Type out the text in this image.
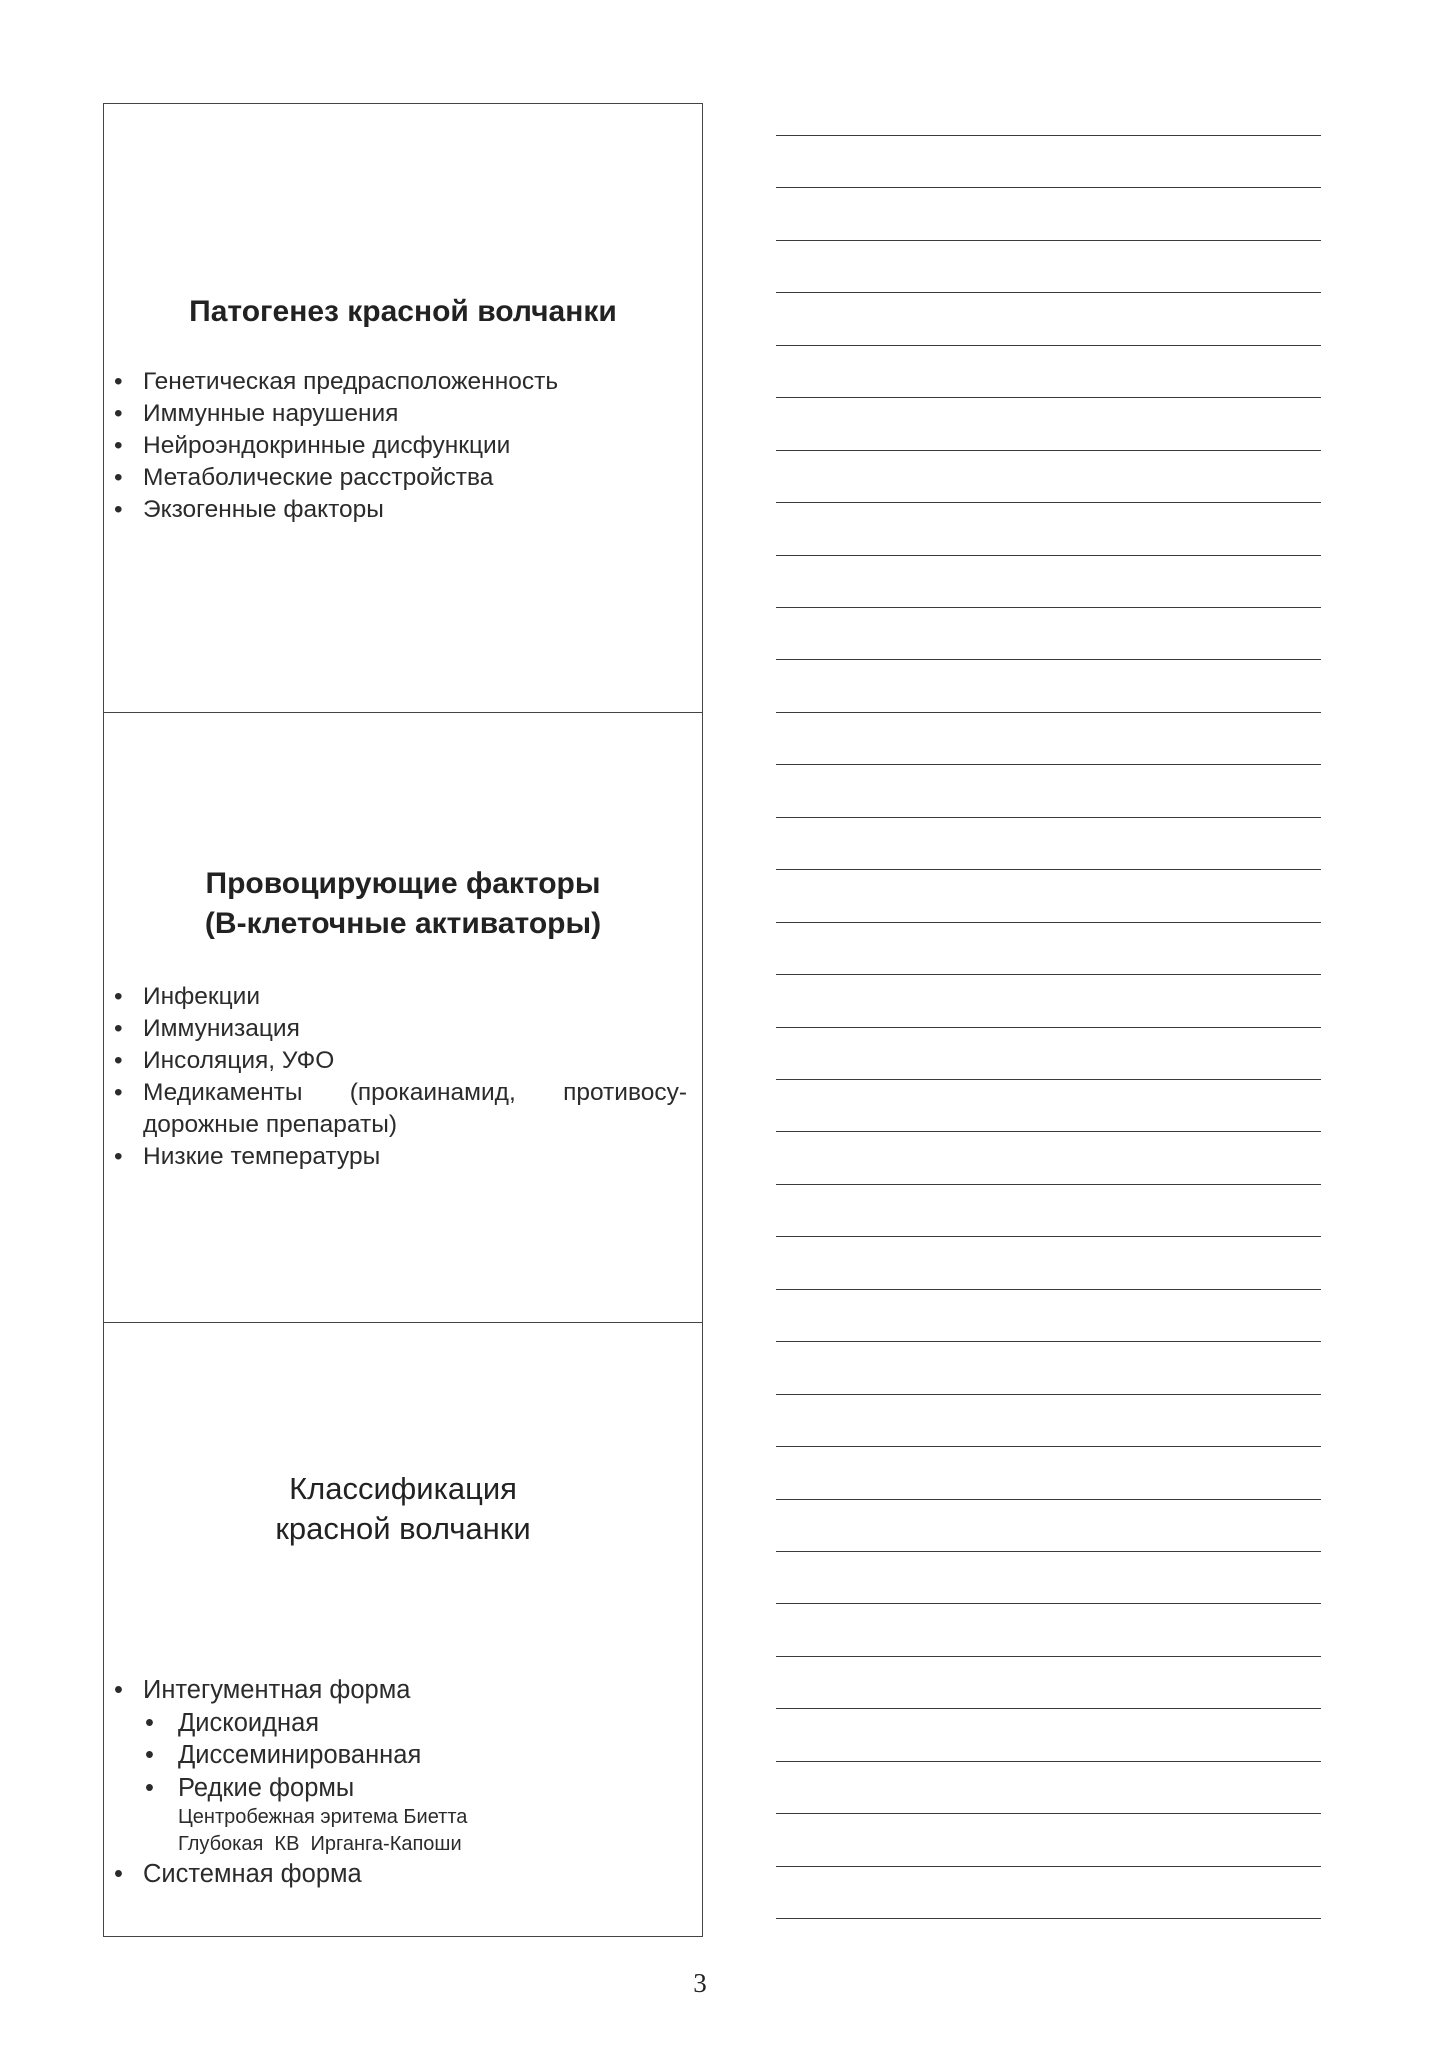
Патогенез красной волчанки
• Генетическая предрасположенность
• Иммунные нарушения
• Нейроэндокринные дисфункции
• Метаболические расстройства
• Экзогенные факторы
Провоцирующие факторы
(В-клеточные активаторы)
• Инфекции
• Иммунизация
• Инсоляция, УФО
• Медикаменты (прокаинамид, противосу-дорожные препараты)
• Низкие температуры
Классификация
красной волчанки
• Интегументная форма
• Дискоидная
• Диссеминированная
• Редкие формы
Центробежная эритема Биетта
Глубокая  КВ  Ирганга-Капоши
• Системная форма
3
